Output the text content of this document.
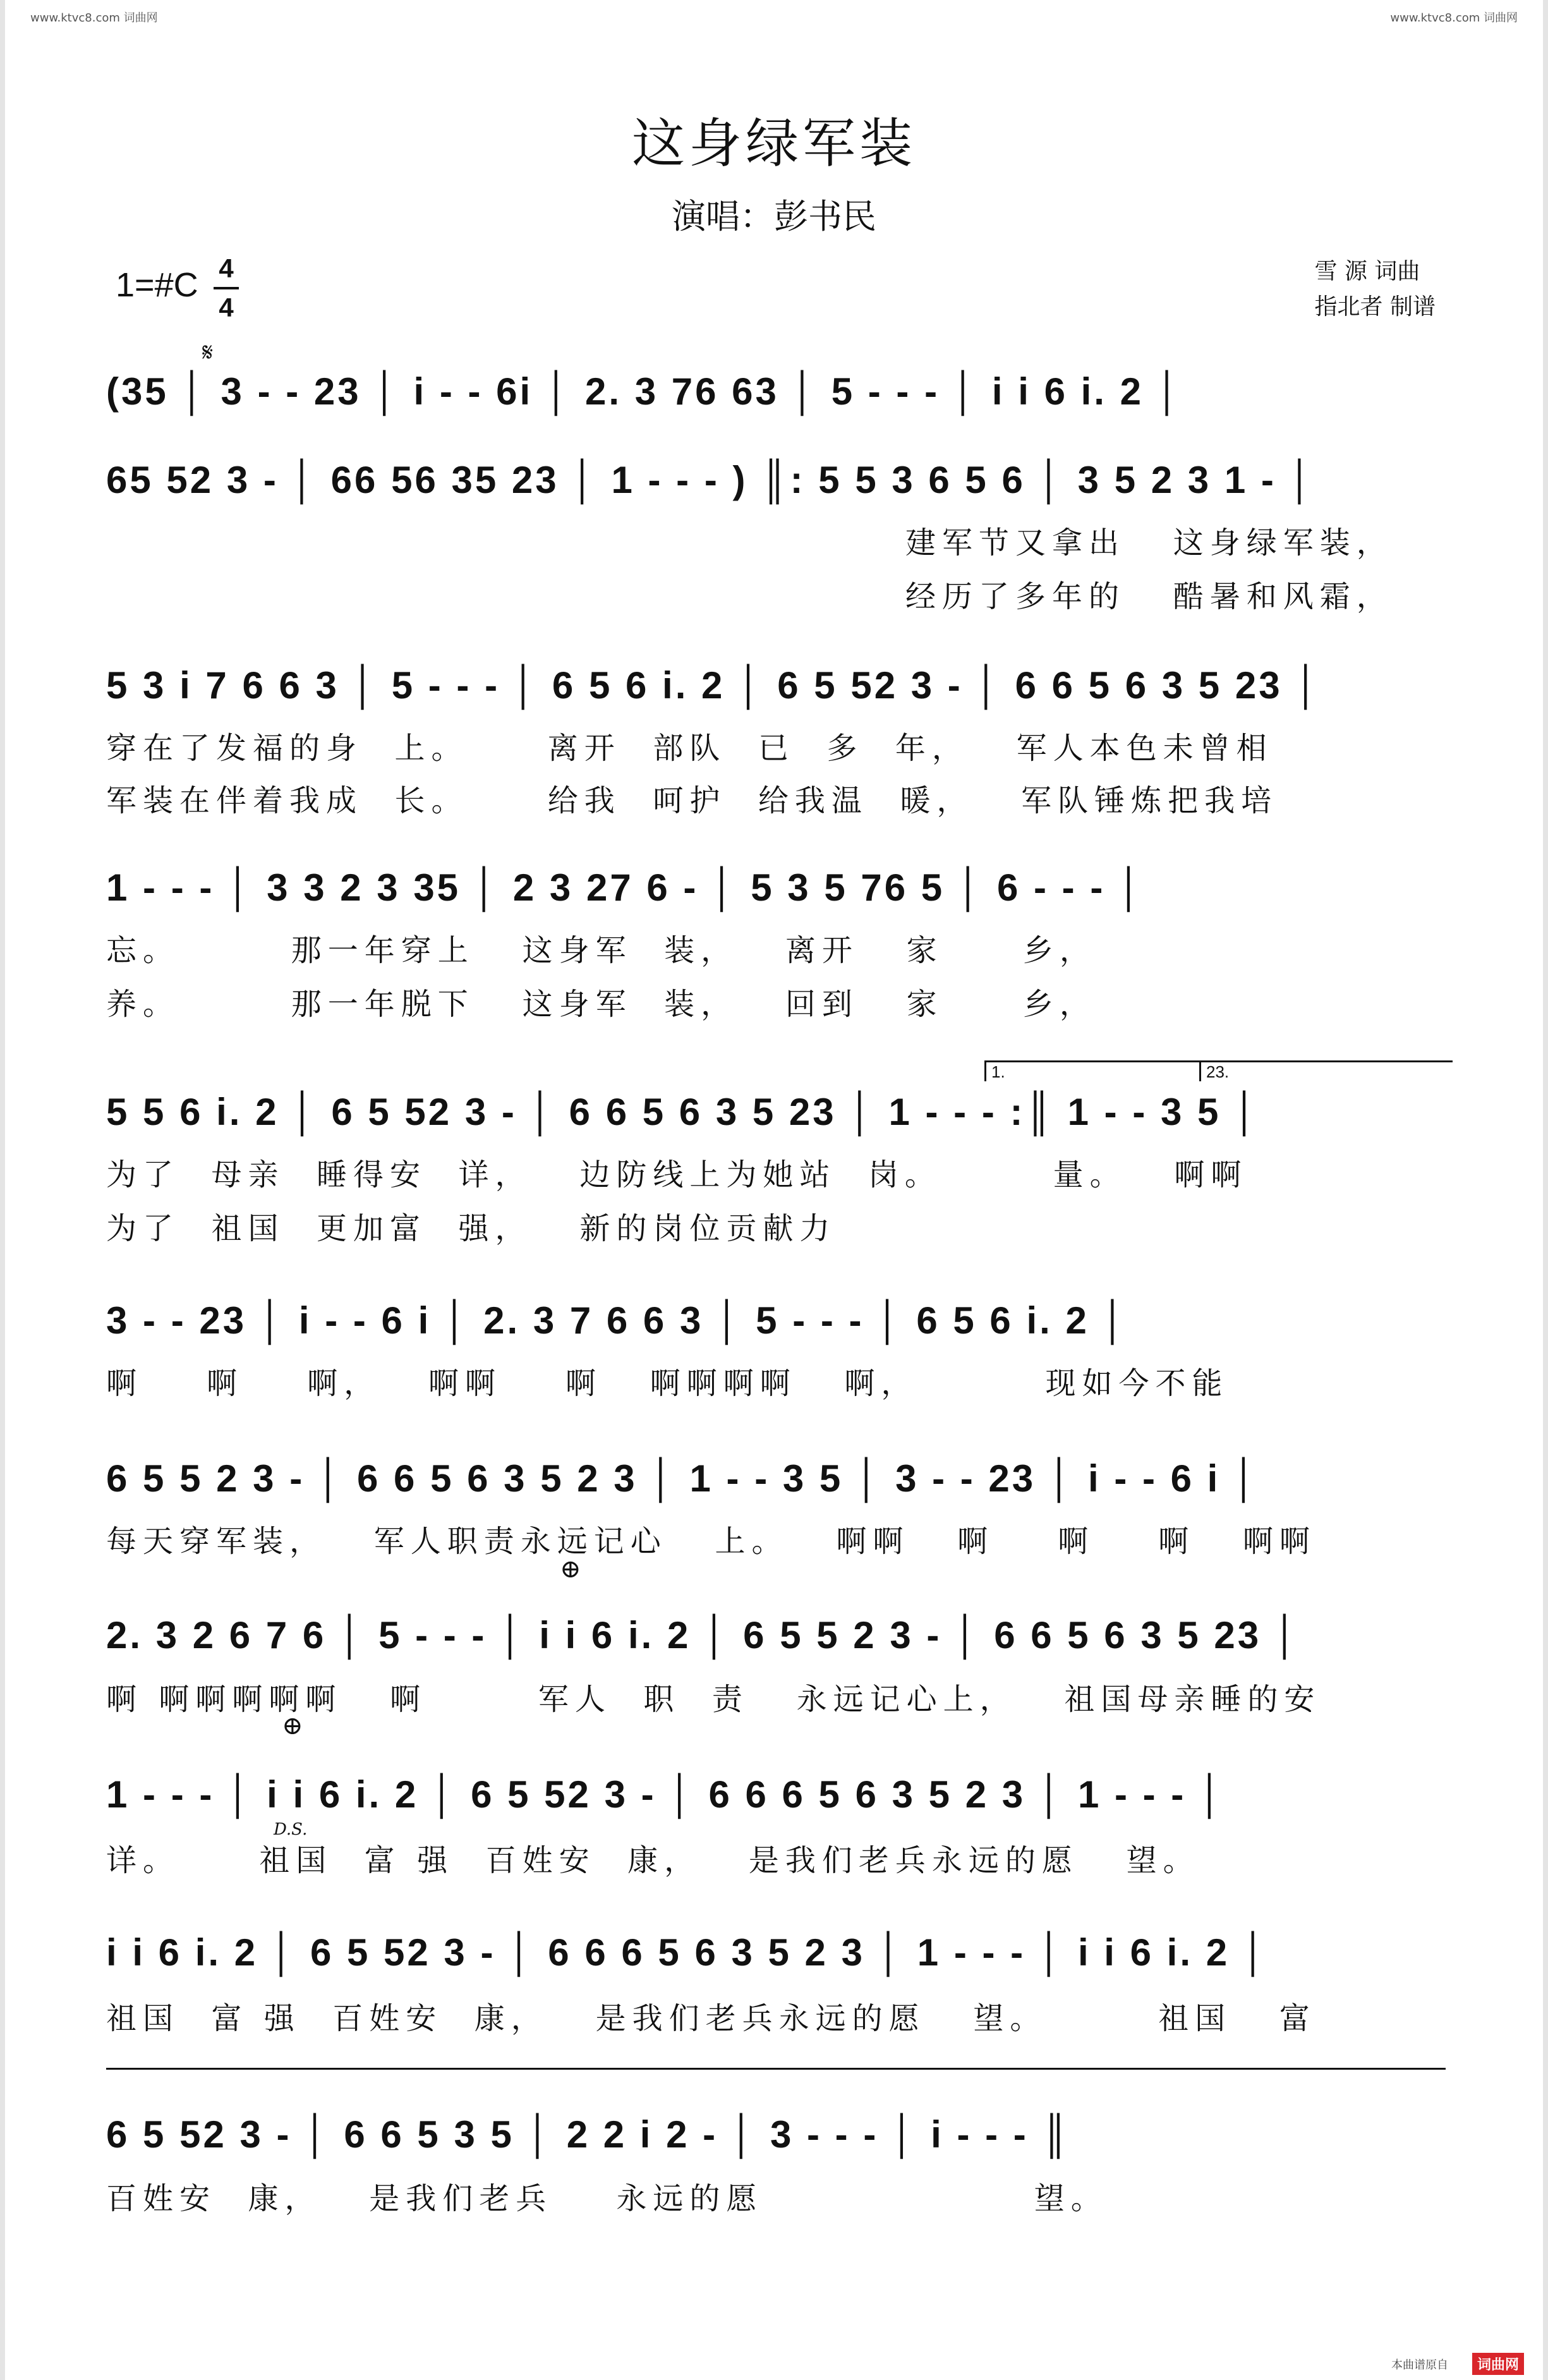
www.ktvc8.com 词曲网	www.ktvc8.com 词曲网
这身绿军装
演唱：彭书民
1=#C 4
4
雪 源 词曲
指北者 制谱
(35 │ 3 - - 23 │ i - - 6i │ 2. 3 76 63 │ 5 - - - │ i i 6 i. 2 │
𝄋
65 52 3 - │ 66 56 35 23 │ 1 - - - ) ║: 5 5 3 6 5 6 │ 3 5 2 3 1 - │
建军节又拿出   这身绿军装，
经历了多年的   酷暑和风霜，
5 3 i 7 6 6 3 │ 5 - - - │ 6 5 6 i. 2 │ 6 5 52 3 - │ 6 6 5 6 3 5 23 │
穿在了发福的身  上。     离开  部队  已  多  年，   军人本色未曾相
军装在伴着我成  长。     给我  呵护  给我温  暖，   军队锤炼把我培
1 - - - │ 3 3 2 3 35 │ 2 3 27 6 - │ 5 3 5 76 5 │ 6 - - - │
忘。       那一年穿上   这身军  装，   离开   家     乡，
养。       那一年脱下   这身军  装，   回到   家     乡，
1.	23.
5 5 6 i. 2 │ 6 5 52 3 - │ 6 6 5 6 3 5 23 │ 1 - - - :║ 1 - - 3 5 │
为了  母亲  睡得安  详，   边防线上为她站  岗。       量。   啊啊
为了  祖国  更加富  强，   新的岗位贡献力
3 - - 23 │ i - - 6 i │ 2. 3 7 6 6 3 │ 5 - - - │ 6 5 6 i. 2 │
啊    啊    啊，   啊啊    啊   啊啊啊啊   啊，        现如今不能
6 5 5 2 3 - │ 6 6 5 6 3 5 2 3 │ 1 - - 3 5 │ 3 - - 23 │ i - - 6 i │
每天穿军装，   军人职责永远记心   上。   啊啊   啊    啊    啊   啊啊
⊕
2. 3 2 6 7 6 │ 5 - - - │ i i 6 i. 2 │ 6 5 5 2 3 - │ 6 6 5 6 3 5 23 │
啊 啊啊啊啊啊   啊       军人  职  责   永远记心上，   祖国母亲睡的安
⊕
1 - - - │ i i 6 i. 2 │ 6 5 52 3 - │ 6 6 6 5 6 3 5 2 3 │ 1 - - - │
详。     祖国  富 强  百姓安  康，   是我们老兵永远的愿   望。
D.S.
i i 6 i. 2 │ 6 5 52 3 - │ 6 6 6 5 6 3 5 2 3 │ 1 - - - │ i i 6 i. 2 │
祖国  富 强  百姓安  康，   是我们老兵永远的愿   望。       祖国   富
6 5 52 3 - │ 6 6 5 3 5 │ 2 2 i 2 - │ 3 - - - │ i - - - ║
百姓安  康，   是我们老兵    永远的愿                 望。
本曲谱原自	词曲网
